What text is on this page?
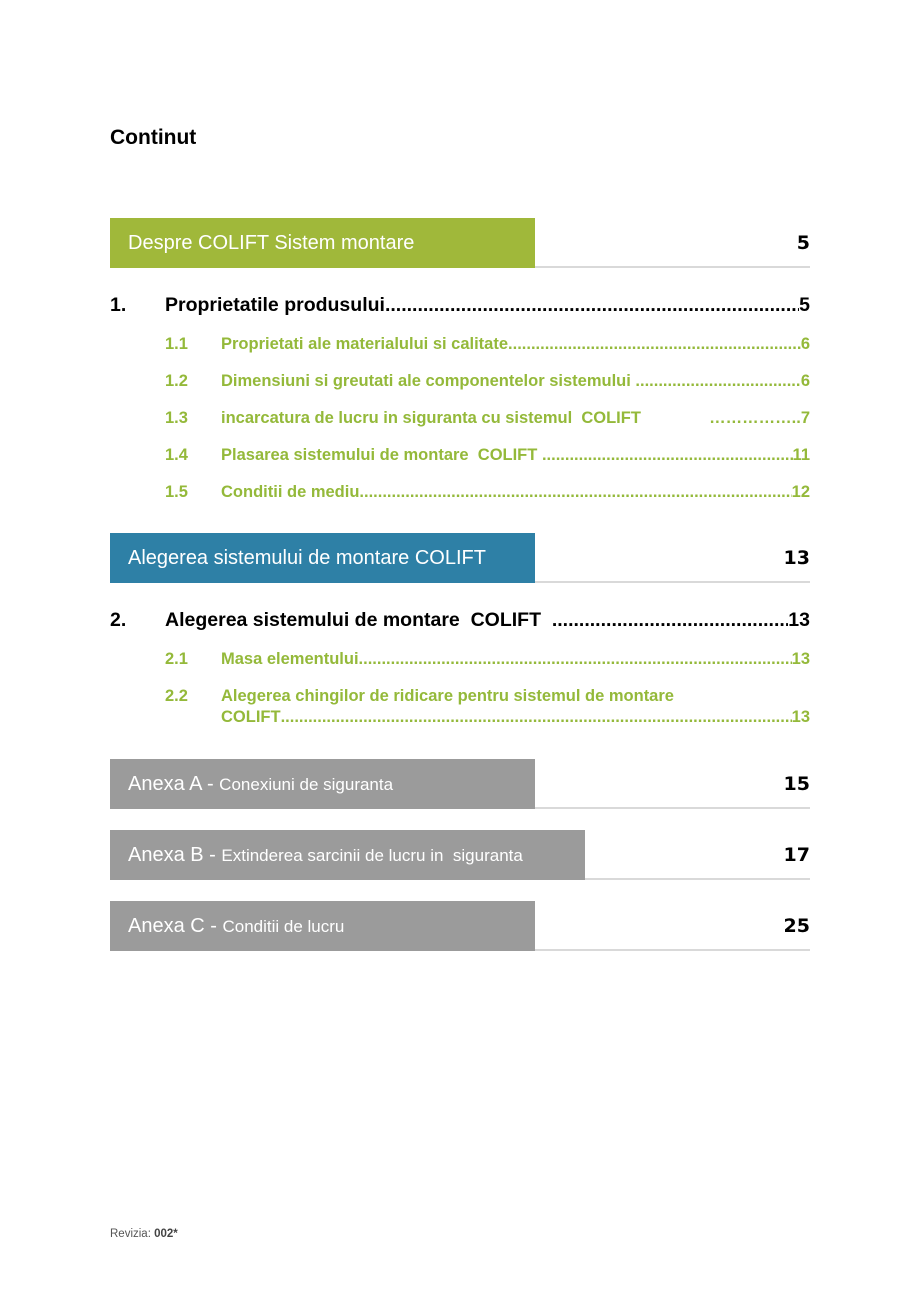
Continut
Despre COLIFT Sistem montare	5
1. Proprietatile produsului .....	5
1.1 Proprietati ale materialului si calitate .....	6
1.2 Dimensiuni si greutati ale componentelor sistemului .....	6
1.3 incarcatura de lucru in siguranta cu sistemul  COLIFT	…………….. 7
1.4 Plasarea sistemului de montare  COLIFT .....	11
1.5 Conditii de mediu .....	12
Alegerea sistemului de montare COLIFT	13
2. Alegerea sistemului de montare  COLIFT .....	13
2.1 Masa elementului .....	13
2.2 Alegerea chingilor de ridicare pentru sistemul de montare
COLIFT .....	13
Anexa A - Conexiuni de siguranta	15
Anexa B - Extinderea sarcinii de lucru in  siguranta	17
Anexa C - Conditii de lucru	25
Revizia: 002*
